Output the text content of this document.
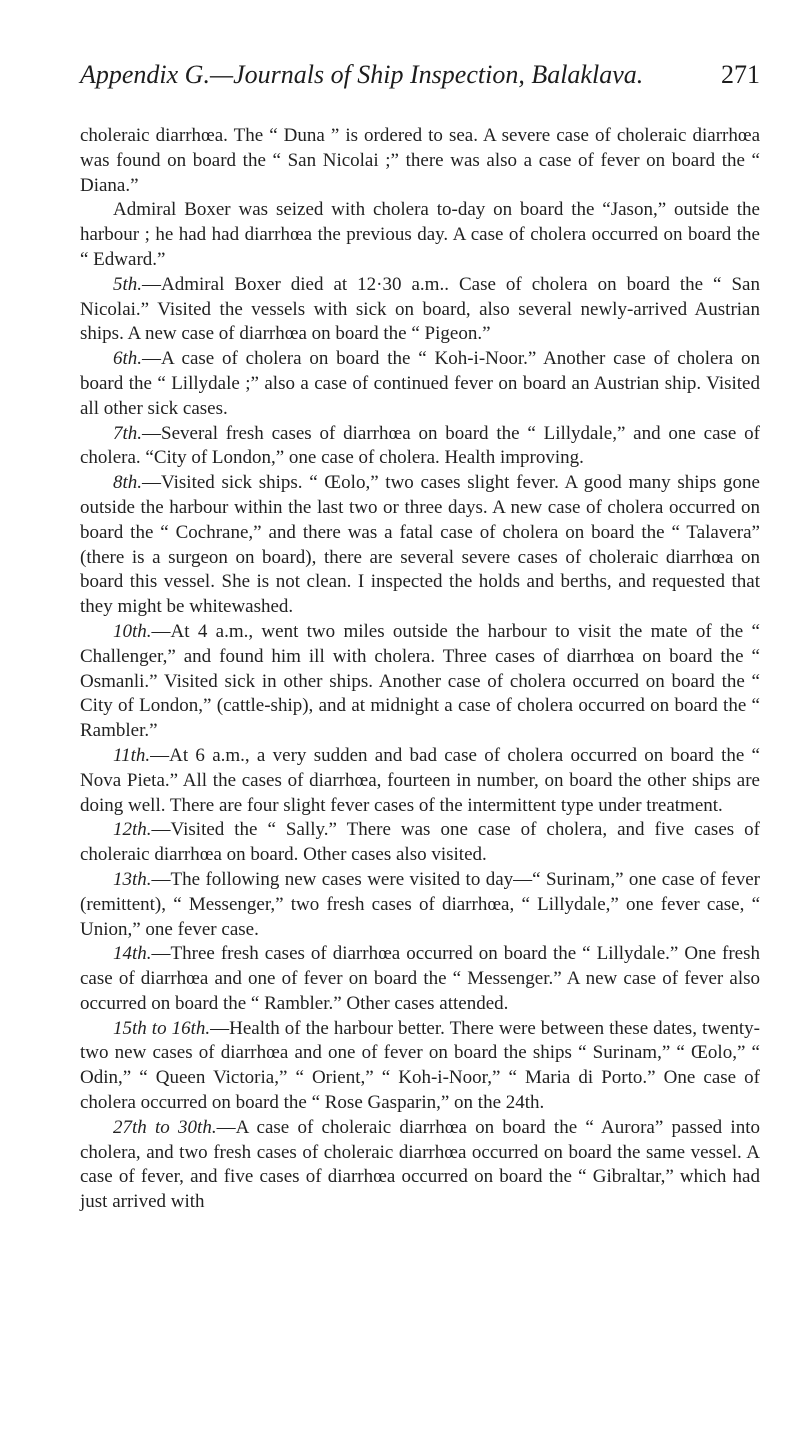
Appendix G.—Journals of Ship Inspection, Balaklava.	271

choleraic diarrhœa. The “ Duna ” is ordered to sea. A severe case of choleraic diarrhœa was found on board the “ San Nicolai ;” there was also a case of fever on board the “ Diana.”

Admiral Boxer was seized with cholera to-day on board the “Jason,” outside the harbour ; he had had diarrhœa the previous day. A case of cholera occurred on board the “ Edward.”

5th.—Admiral Boxer died at 12·30 a.m.. Case of cholera on board the “ San Nicolai.” Visited the vessels with sick on board, also several newly-arrived Austrian ships. A new case of diarrhœa on board the “ Pigeon.”

6th.—A case of cholera on board the “ Koh-i-Noor.” Another case of cholera on board the “ Lillydale ;” also a case of continued fever on board an Austrian ship. Visited all other sick cases.

7th.—Several fresh cases of diarrhœa on board the “ Lillydale,” and one case of cholera. “City of London,” one case of cholera. Health improving.

8th.—Visited sick ships. “ Œolo,” two cases slight fever. A good many ships gone outside the harbour within the last two or three days. A new case of cholera occurred on board the “ Cochrane,” and there was a fatal case of cholera on board the “ Talavera” (there is a surgeon on board), there are several severe cases of choleraic diarrhœa on board this vessel. She is not clean. I inspected the holds and berths, and requested that they might be whitewashed.

10th.—At 4 a.m., went two miles outside the harbour to visit the mate of the “ Challenger,” and found him ill with cholera. Three cases of diarrhœa on board the “ Osmanli.” Visited sick in other ships. Another case of cholera occurred on board the “ City of London,” (cattle-ship), and at midnight a case of cholera occurred on board the “ Rambler.”

11th.—At 6 a.m., a very sudden and bad case of cholera occurred on board the “ Nova Pieta.” All the cases of diarrhœa, fourteen in number, on board the other ships are doing well. There are four slight fever cases of the intermittent type under treatment.

12th.—Visited the “ Sally.” There was one case of cholera, and five cases of choleraic diarrhœa on board. Other cases also visited.

13th.—The following new cases were visited to day—“ Surinam,” one case of fever (remittent), “ Messenger,” two fresh cases of diarrhœa, “ Lillydale,” one fever case, “ Union,” one fever case.

14th.—Three fresh cases of diarrhœa occurred on board the “ Lillydale.” One fresh case of diarrhœa and one of fever on board the “ Messenger.” A new case of fever also occurred on board the “ Rambler.” Other cases attended.

15th to 16th.—Health of the harbour better. There were between these dates, twenty-two new cases of diarrhœa and one of fever on board the ships “ Surinam,” “ Œolo,” “ Odin,” “ Queen Victoria,” “ Orient,” “ Koh-i-Noor,” “ Maria di Porto.” One case of cholera occurred on board the “ Rose Gasparin,” on the 24th.

27th to 30th.—A case of choleraic diarrhœa on board the “ Aurora” passed into cholera, and two fresh cases of choleraic diarrhœa occurred on board the same vessel. A case of fever, and five cases of diarrhœa occurred on board the “ Gibraltar,” which had just arrived with
